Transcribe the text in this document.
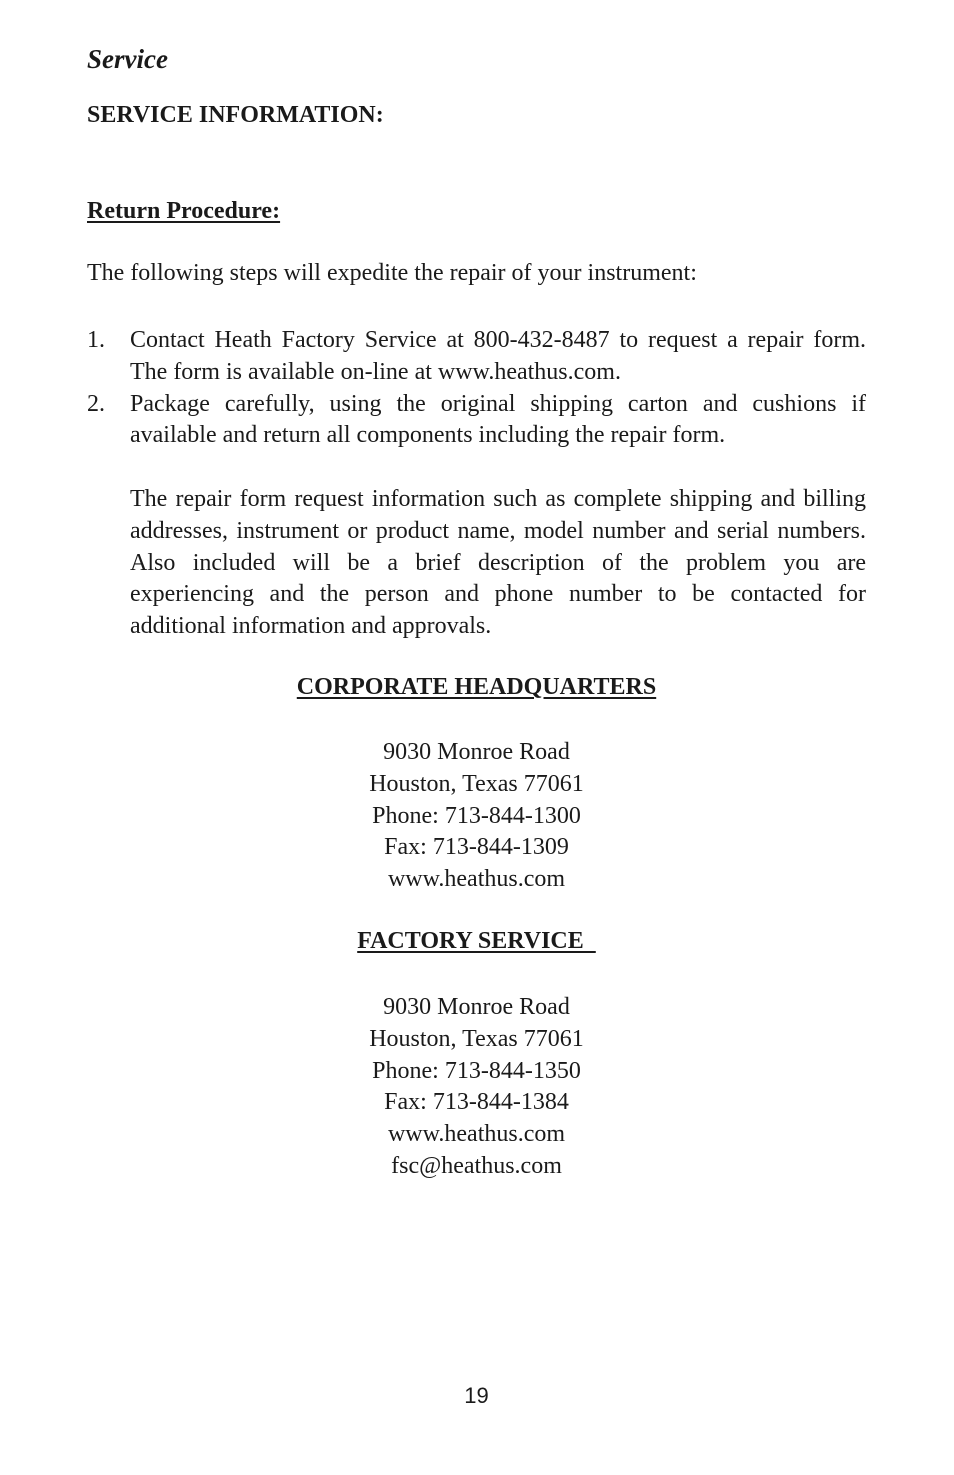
Service
SERVICE INFORMATION:
Return Procedure:
The following steps will expedite the repair of your instrument:
1. Contact Heath Factory Service at 800-432-8487 to request a repair form. The form is available on-line at www.heathus.com.
2. Package carefully, using the original shipping carton and cushions if available and return all components including the repair form.
The repair form request information such as complete shipping and billing addresses, instrument or product name, model number and serial numbers. Also included will be a brief description of the problem you are experiencing and the person and phone number to be contacted for additional information and approvals.
CORPORATE HEADQUARTERS
9030 Monroe Road
Houston, Texas 77061
Phone: 713-844-1300
Fax: 713-844-1309
www.heathus.com
FACTORY SERVICE
9030 Monroe Road
Houston, Texas 77061
Phone: 713-844-1350
Fax: 713-844-1384
www.heathus.com
fsc@heathus.com
19
